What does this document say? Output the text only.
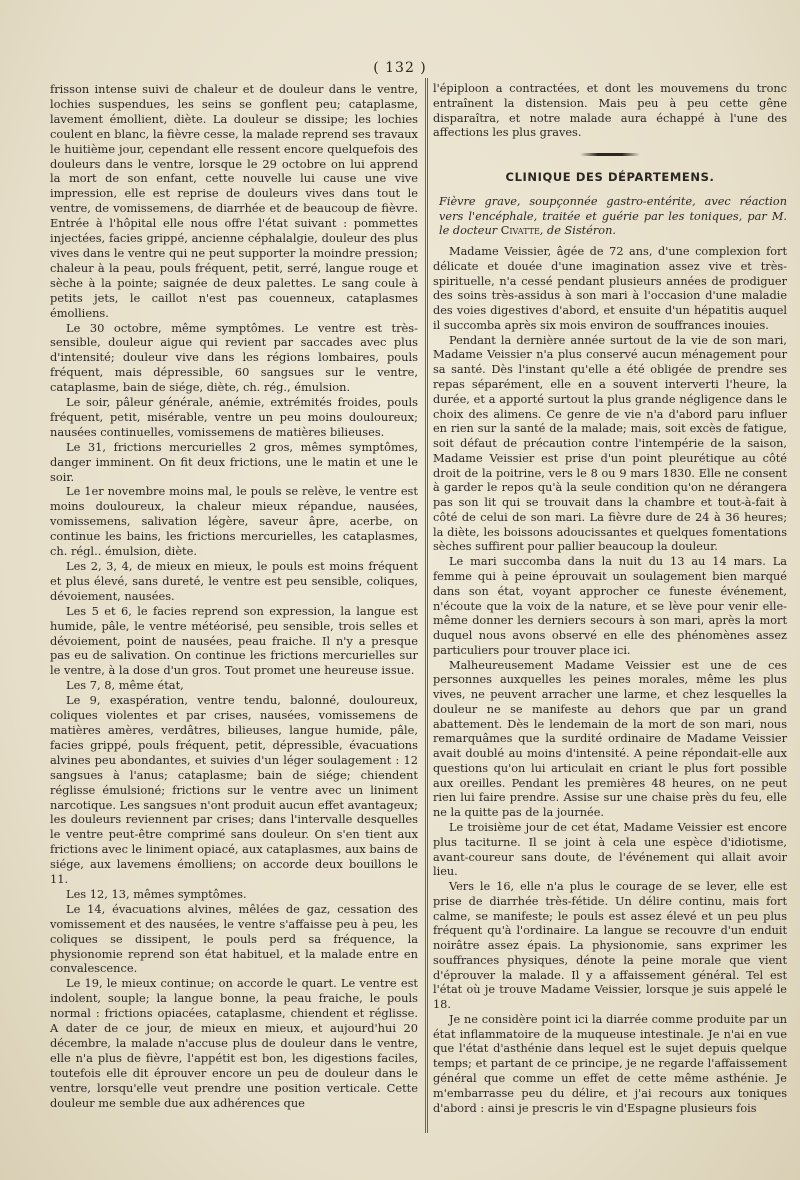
( 132 )

frisson intense suivi de chaleur et de douleur dans le ventre, lochies suspendues, les seins se gonflent peu; cataplasme, lavement émollient, diète. La douleur se dissipe; les lochies coulent en blanc, la fièvre cesse, la malade reprend ses travaux le huitième jour, cependant elle ressent encore quelquefois des douleurs dans le ventre, lorsque le 29 octobre on lui apprend la mort de son enfant, cette nouvelle lui cause une vive impression, elle est reprise de douleurs vives dans tout le ventre, de vomissemens, de diarrhée et de beaucoup de fièvre. Entrée à l'hôpital elle nous offre l'état suivant : pommettes injectées, facies grippé, ancienne céphalalgie, douleur des plus vives dans le ventre qui ne peut supporter la moindre pression; chaleur à la peau, pouls fréquent, petit, serré, langue rouge et sèche à la pointe; saignée de deux palettes. Le sang coule à petits jets, le caillot n'est pas couenneux, cataplasmes émolliens.

Le 30 octobre, même symptômes. Le ventre est très-sensible, douleur aigue qui revient par saccades avec plus d'intensité; douleur vive dans les régions lombaires, pouls fréquent, mais dépressible, 60 sangsues sur le ventre, cataplasme, bain de siége, diète, ch. rég., émulsion.

Le soir, pâleur générale, anémie, extrémités froides, pouls fréquent, petit, misérable, ventre un peu moins douloureux; nausées continuelles, vomissemens de matières bilieuses.

Le 31, frictions mercurielles 2 gros, mêmes symptômes, danger imminent. On fit deux frictions, une le matin et une le soir.

Le 1er novembre moins mal, le pouls se relève, le ventre est moins douloureux, la chaleur mieux répandue, nausées, vomissemens, salivation légère, saveur âpre, acerbe, on continue les bains, les frictions mercurielles, les cataplasmes, ch. régl.. émulsion, diète.

Les 2, 3, 4, de mieux en mieux, le pouls est moins fréquent et plus élevé, sans dureté, le ventre est peu sensible, coliques, dévoiement, nausées.

Les 5 et 6, le facies reprend son expression, la langue est humide, pâle, le ventre météorisé, peu sensible, trois selles et dévoiement, point de nausées, peau fraiche. Il n'y a presque pas eu de salivation. On continue les frictions mercurielles sur le ventre, à la dose d'un gros. Tout promet une heureuse issue.

Les 7, 8, même état,

Le 9, exaspération, ventre tendu, balonné, douloureux, coliques violentes et par crises, nausées, vomissemens de matières amères, verdâtres, bilieuses, langue humide, pâle, facies grippé, pouls fréquent, petit, dépressible, évacuations alvines peu abondantes, et suivies d'un léger soulagement : 12 sangsues à l'anus; cataplasme; bain de siége; chiendent réglisse émulsioné; frictions sur le ventre avec un liniment narcotique. Les sangsues n'ont produit aucun effet avantageux; les douleurs reviennent par crises; dans l'intervalle desquelles le ventre peut-être comprimé sans douleur. On s'en tient aux frictions avec le liniment opiacé, aux cataplasmes, aux bains de siége, aux lavemens émolliens; on accorde deux bouillons le 11.

Les 12, 13, mêmes symptômes.

Le 14, évacuations alvines, mêlées de gaz, cessation des vomissement et des nausées, le ventre s'affaisse peu à peu, les coliques se dissipent, le pouls perd sa fréquence, la physionomie reprend son état habituel, et la malade entre en convalescence.

Le 19, le mieux continue; on accorde le quart. Le ventre est indolent, souple; la langue bonne, la peau fraiche, le pouls normal : frictions opiacées, cataplasme, chiendent et réglisse. A dater de ce jour, de mieux en mieux, et aujourd'hui 20 décembre, la malade n'accuse plus de douleur dans le ventre, elle n'a plus de fièvre, l'appétit est bon, les digestions faciles, toutefois elle dit éprouver encore un peu de douleur dans le ventre, lorsqu'elle veut prendre une position verticale. Cette douleur me semble due aux adhérences que

l'épiploon a contractées, et dont les mouvemens du tronc entraînent la distension. Mais peu à peu cette gêne disparaîtra, et notre malade aura échappé à l'une des affections les plus graves.

CLINIQUE DES DÉPARTEMENS.

Fièvre grave, soupçonnée gastro-entérite, avec réaction vers l'encéphale, traitée et guérie par les toniques, par M. le docteur Civatte, de Sistéron.

Madame Veissier, âgée de 72 ans, d'une complexion fort délicate et douée d'une imagination assez vive et très-spirituelle, n'a cessé pendant plusieurs années de prodiguer des soins très-assidus à son mari à l'occasion d'une maladie des voies digestives d'abord, et ensuite d'un hépatitis auquel il succomba après six mois environ de souffrances inouies.

Pendant la dernière année surtout de la vie de son mari, Madame Veissier n'a plus conservé aucun ménagement pour sa santé. Dès l'instant qu'elle a été obligée de prendre ses repas séparément, elle en a souvent interverti l'heure, la durée, et a apporté surtout la plus grande négligence dans le choix des alimens. Ce genre de vie n'a d'abord paru influer en rien sur la santé de la malade; mais, soit excès de fatigue, soit défaut de précaution contre l'intempérie de la saison, Madame Veissier est prise d'un point pleurétique au côté droit de la poitrine, vers le 8 ou 9 mars 1830. Elle ne consent à garder le repos qu'à la seule condition qu'on ne dérangera pas son lit qui se trouvait dans la chambre et tout-à-fait à côté de celui de son mari. La fièvre dure de 24 à 36 heures; la diète, les boissons adoucissantes et quelques fomentations sèches suffirent pour pallier beaucoup la douleur.

Le mari succomba dans la nuit du 13 au 14 mars. La femme qui à peine éprouvait un soulagement bien marqué dans son état, voyant approcher ce funeste événement, n'écoute que la voix de la nature, et se lève pour venir elle-même donner les derniers secours à son mari, après la mort duquel nous avons observé en elle des phénomènes assez particuliers pour trouver place ici.

Malheureusement Madame Veissier est une de ces personnes auxquelles les peines morales, même les plus vives, ne peuvent arracher une larme, et chez lesquelles la douleur ne se manifeste au dehors que par un grand abattement. Dès le lendemain de la mort de son mari, nous remarquâmes que la surdité ordinaire de Madame Veissier avait doublé au moins d'intensité. A peine répondait-elle aux questions qu'on lui articulait en criant le plus fort possible aux oreilles. Pendant les premières 48 heures, on ne peut rien lui faire prendre. Assise sur une chaise près du feu, elle ne la quitte pas de la journée.

Le troisième jour de cet état, Madame Veissier est encore plus taciturne. Il se joint à cela une espèce d'idiotisme, avant-coureur sans doute, de l'événement qui allait avoir lieu.

Vers le 16, elle n'a plus le courage de se lever, elle est prise de diarrhée très-fétide. Un délire continu, mais fort calme, se manifeste; le pouls est assez élevé et un peu plus fréquent qu'à l'ordinaire. La langue se recouvre d'un enduit noirâtre assez épais. La physionomie, sans exprimer les souffrances physiques, dénote la peine morale que vient d'éprouver la malade. Il y a affaissement général. Tel est l'état où je trouve Madame Veissier, lorsque je suis appelé le 18.

Je ne considère point ici la diarrée comme produite par un état inflammatoire de la muqueuse intestinale. Je n'ai en vue que l'état d'asthénie dans lequel est le sujet depuis quelque temps; et partant de ce principe, je ne regarde l'affaissement général que comme un effet de cette même asthénie. Je m'embarrasse peu du délire, et j'ai recours aux toniques d'abord : ainsi je prescris le vin d'Espagne plusieurs fois
